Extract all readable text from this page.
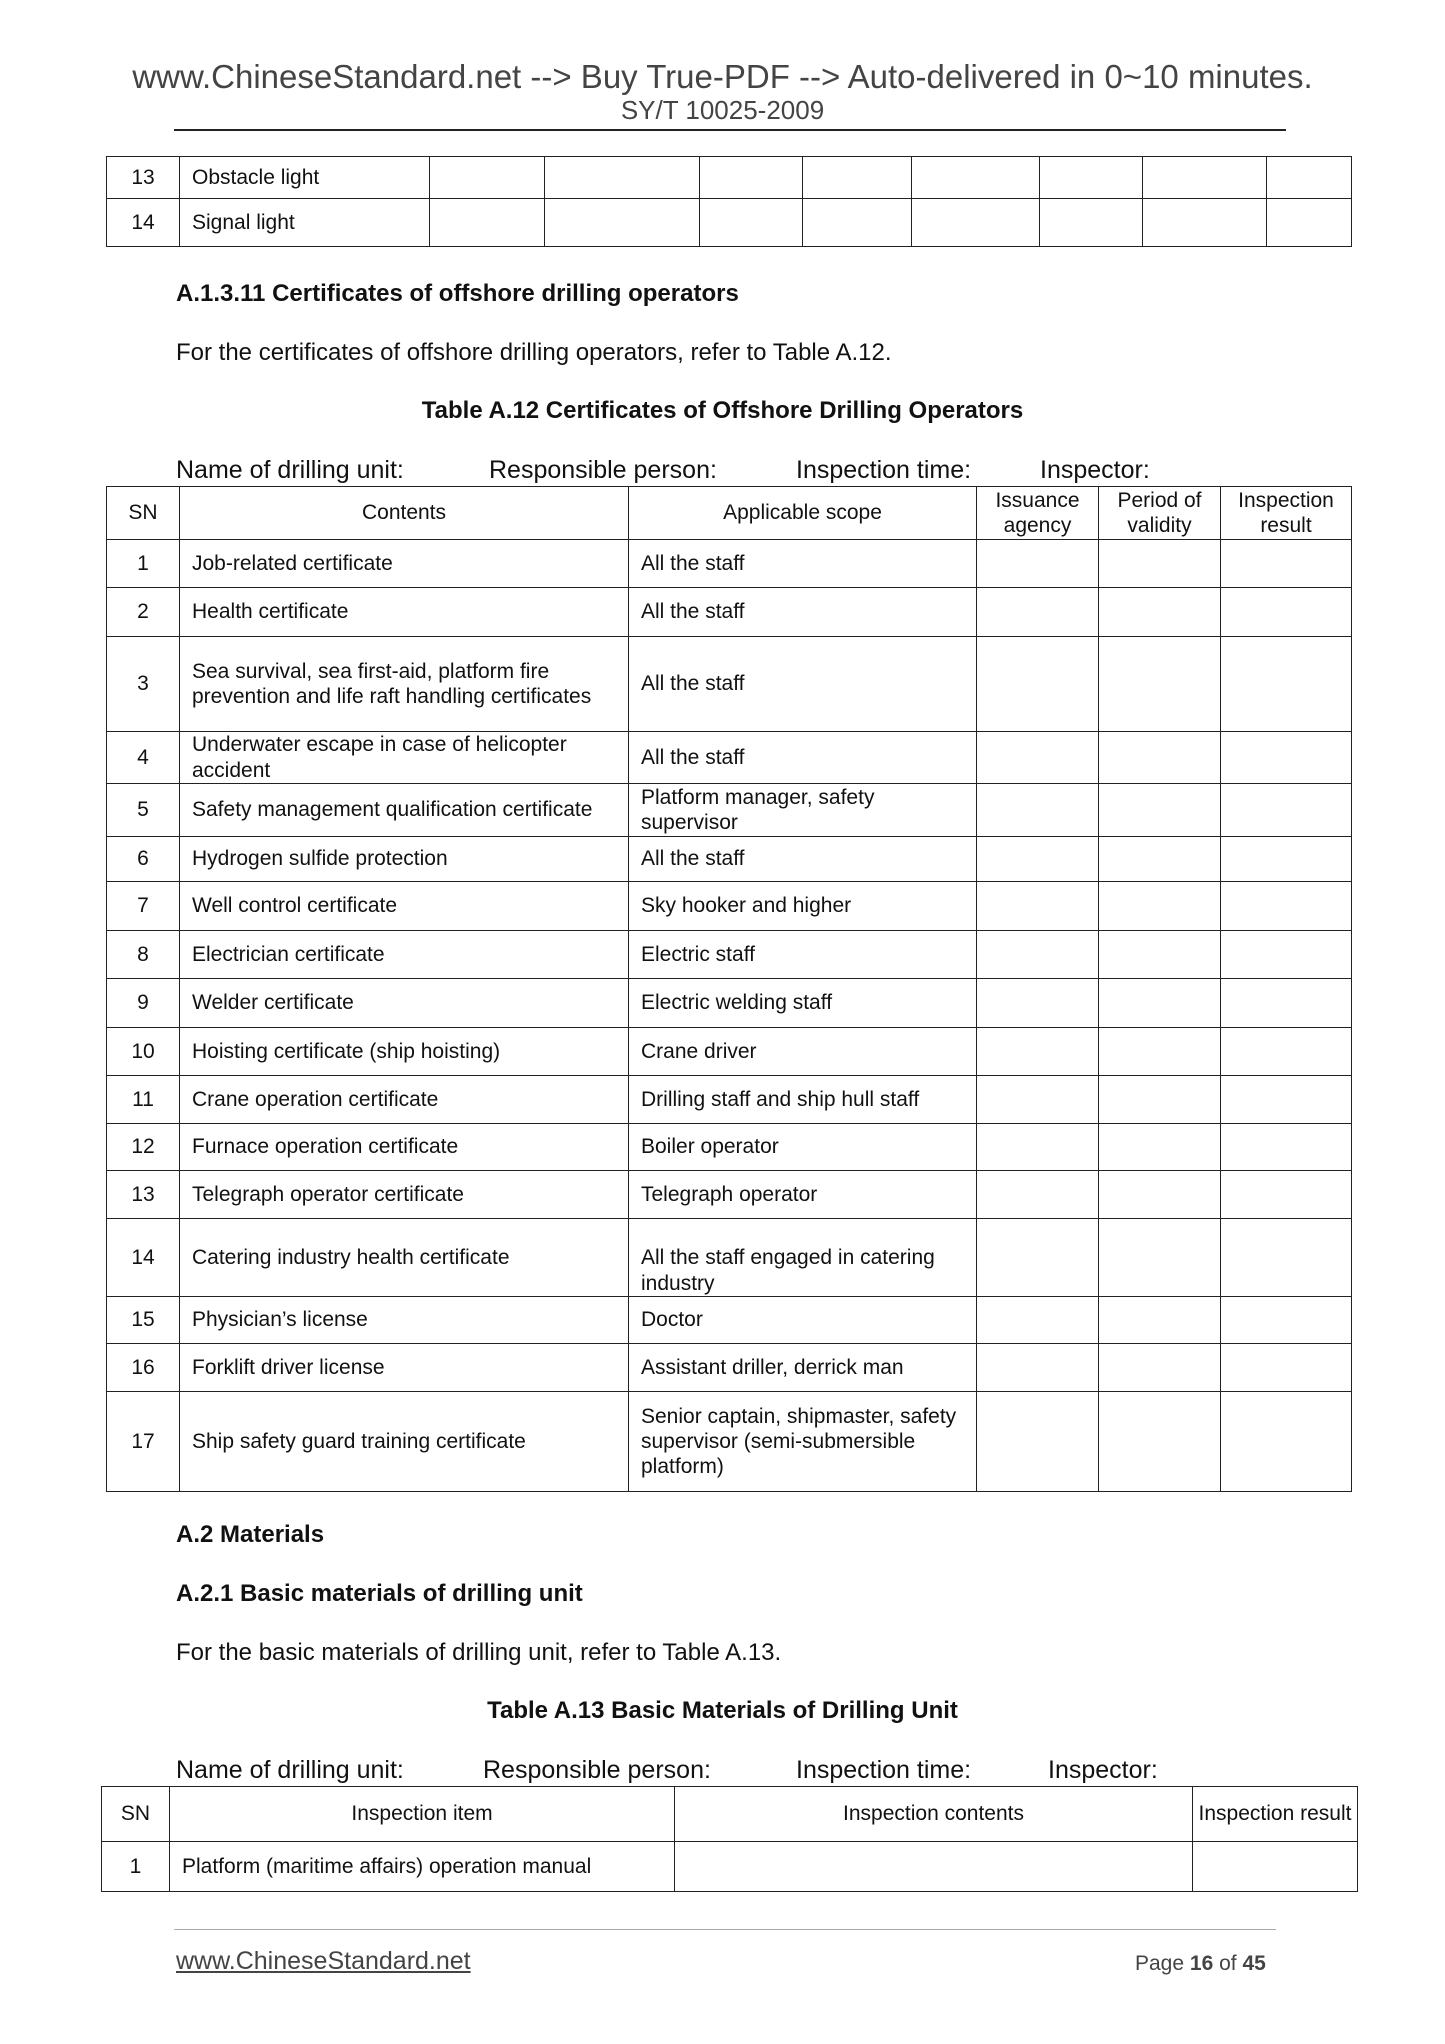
www.ChineseStandard.net --> Buy True-PDF --> Auto-delivered in 0~10 minutes.
SY/T 10025-2009
13	Obstacle light								
14	Signal light								
A.1.3.11 Certificates of offshore drilling operators
For the certificates of offshore drilling operators, refer to Table A.12.
Table A.12 Certificates of Offshore Drilling Operators
Name of drilling unit:	Responsible person:	Inspection time:	Inspector:
SN	Contents	Applicable scope	Issuance agency	Period of validity	Inspection result
1	Job-related certificate	All the staff			
2	Health certificate	All the staff			
3	Sea survival, sea first-aid, platform fire prevention and life raft handling certificates	All the staff			
4	Underwater escape in case of helicopter accident	All the staff			
5	Safety management qualification certificate	Platform manager, safety supervisor			
6	Hydrogen sulfide protection	All the staff			
7	Well control certificate	Sky hooker and higher			
8	Electrician certificate	Electric staff			
9	Welder certificate	Electric welding staff			
10	Hoisting certificate (ship hoisting)	Crane driver			
11	Crane operation certificate	Drilling staff and ship hull staff			
12	Furnace operation certificate	Boiler operator			
13	Telegraph operator certificate	Telegraph operator			
14	Catering industry health certificate	All the staff engaged in catering industry			
15	Physician’s license	Doctor			
16	Forklift driver license	Assistant driller, derrick man			
17	Ship safety guard training certificate	Senior captain, shipmaster, safety supervisor (semi-submersible platform)			
A.2 Materials
A.2.1 Basic materials of drilling unit
For the basic materials of drilling unit, refer to Table A.13.
Table A.13 Basic Materials of Drilling Unit
Name of drilling unit:	Responsible person:	Inspection time:	Inspector:
SN	Inspection item	Inspection contents	Inspection result
1	Platform (maritime affairs) operation manual		
www.ChineseStandard.net	Page 16 of 45
